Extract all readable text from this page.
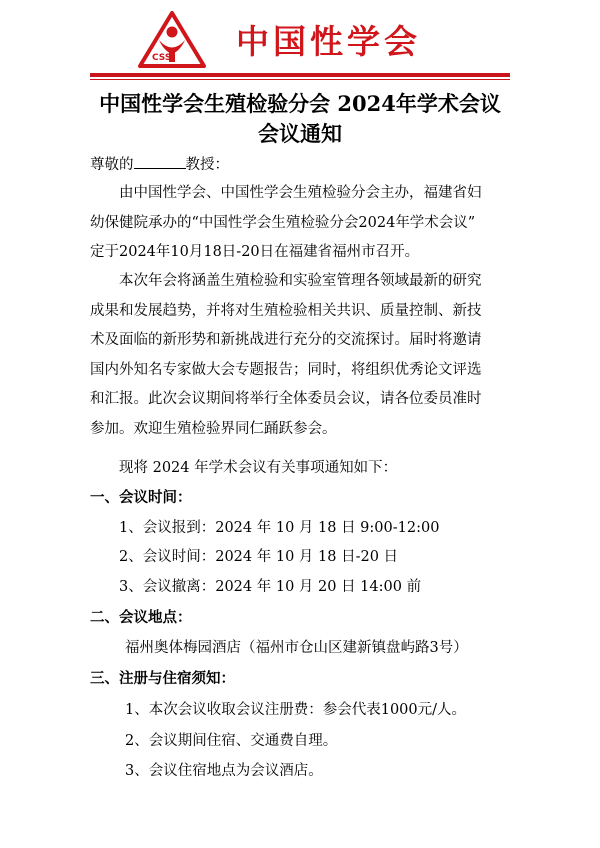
CSS 中国性学会
中国性学会生殖检验分会 2024年学术会议
会议通知
尊敬的	教授：
由中国性学会、中国性学会生殖检验分会主办，福建省妇
幼保健院承办的“中国性学会生殖检验分会2024年学术会议”
定于2024年10月18日-20日在福建省福州市召开。
本次年会将涵盖生殖检验和实验室管理各领域最新的研究
成果和发展趋势，并将对生殖检验相关共识、质量控制、新技
术及面临的新形势和新挑战进行充分的交流探讨。届时将邀请
国内外知名专家做大会专题报告；同时，将组织优秀论文评选
和汇报。此次会议期间将举行全体委员会议，请各位委员准时
参加。欢迎生殖检验界同仁踊跃参会。
现将 2024 年学术会议有关事项通知如下：
一、会议时间：
1、会议报到：2024 年 10 月 18 日 9:00-12:00
2、会议时间：2024 年 10 月 18 日-20 日
3、会议撤离：2024 年 10 月 20 日 14:00 前
二、会议地点：
福州奥体梅园酒店（福州市仓山区建新镇盘屿路3号）
三、注册与住宿须知：
1、本次会议收取会议注册费：参会代表1000元/人。
2、会议期间住宿、交通费自理。
3、会议住宿地点为会议酒店。
